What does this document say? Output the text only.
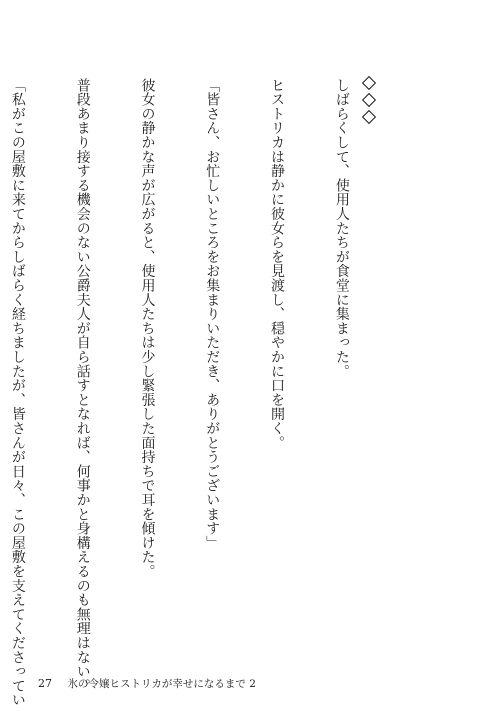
しばらくして、使用人たちが食堂に集まった。

ヒストリカは静かに彼女らを見渡し、穏やかに口を開く。

「皆さん、お忙しいところをお集まりいただき、ありがとうございます」

彼女の静かな声が広がると、使用人たちは少し緊張した面持ちで耳を傾けた。

普段あまり接する機会のない公爵夫人が自ら話すとなれば、何事かと身構えるのも無理はない。

「私がこの屋敷に来てからしばらく経ちましたが、皆さんが日々、この屋敷を支えてくださってい

27 氷の令嬢ヒストリカが幸せになるまで 2
